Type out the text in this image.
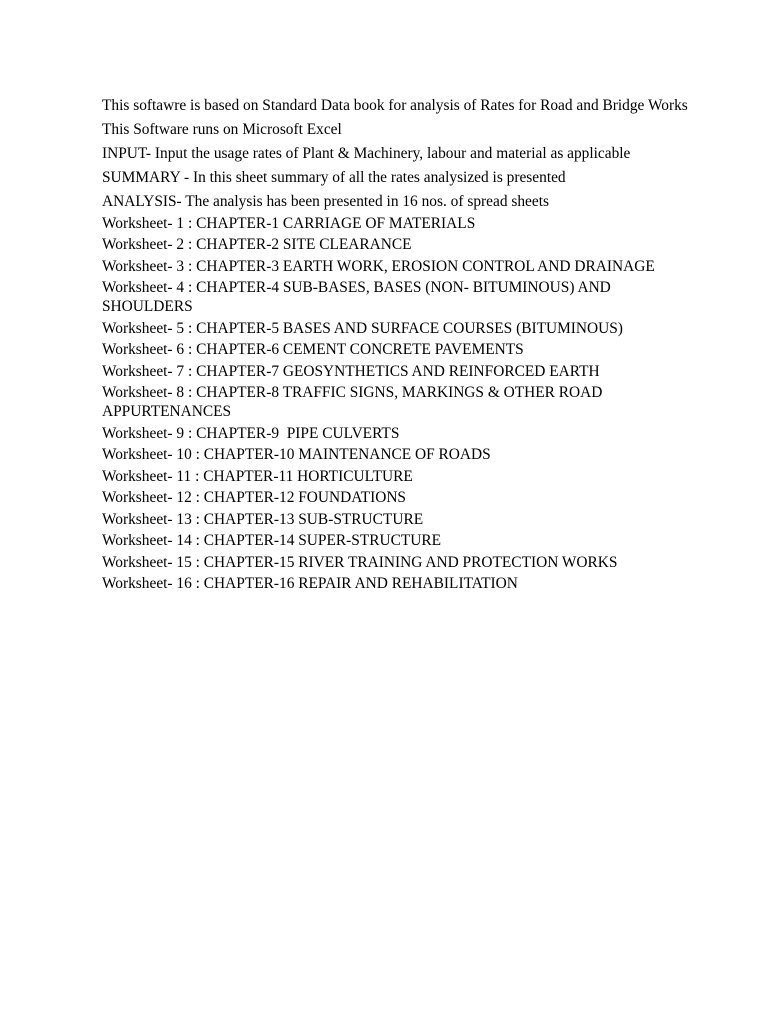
This softawre is based on Standard Data book for analysis of Rates for Road and Bridge Works

This Software runs on Microsoft Excel

INPUT- Input the usage rates of Plant & Machinery, labour and material as applicable

SUMMARY - In this sheet summary of all the rates analysized is presented

ANALYSIS- The analysis has been presented in 16 nos. of spread sheets

Worksheet- 1 : CHAPTER-1 CARRIAGE OF MATERIALS

Worksheet- 2 : CHAPTER-2 SITE CLEARANCE

Worksheet- 3 : CHAPTER-3 EARTH WORK, EROSION CONTROL AND DRAINAGE

Worksheet- 4 : CHAPTER-4 SUB-BASES, BASES (NON- BITUMINOUS) AND SHOULDERS

Worksheet- 5 : CHAPTER-5 BASES AND SURFACE COURSES (BITUMINOUS)

Worksheet- 6 : CHAPTER-6 CEMENT CONCRETE PAVEMENTS

Worksheet- 7 : CHAPTER-7 GEOSYNTHETICS AND REINFORCED EARTH

Worksheet- 8 : CHAPTER-8 TRAFFIC SIGNS, MARKINGS & OTHER ROAD APPURTENANCES

Worksheet- 9 : CHAPTER-9  PIPE CULVERTS

Worksheet- 10 : CHAPTER-10 MAINTENANCE OF ROADS

Worksheet- 11 : CHAPTER-11 HORTICULTURE

Worksheet- 12 : CHAPTER-12 FOUNDATIONS

Worksheet- 13 : CHAPTER-13 SUB-STRUCTURE

Worksheet- 14 : CHAPTER-14 SUPER-STRUCTURE

Worksheet- 15 : CHAPTER-15 RIVER TRAINING AND PROTECTION WORKS

Worksheet- 16 : CHAPTER-16 REPAIR AND REHABILITATION
